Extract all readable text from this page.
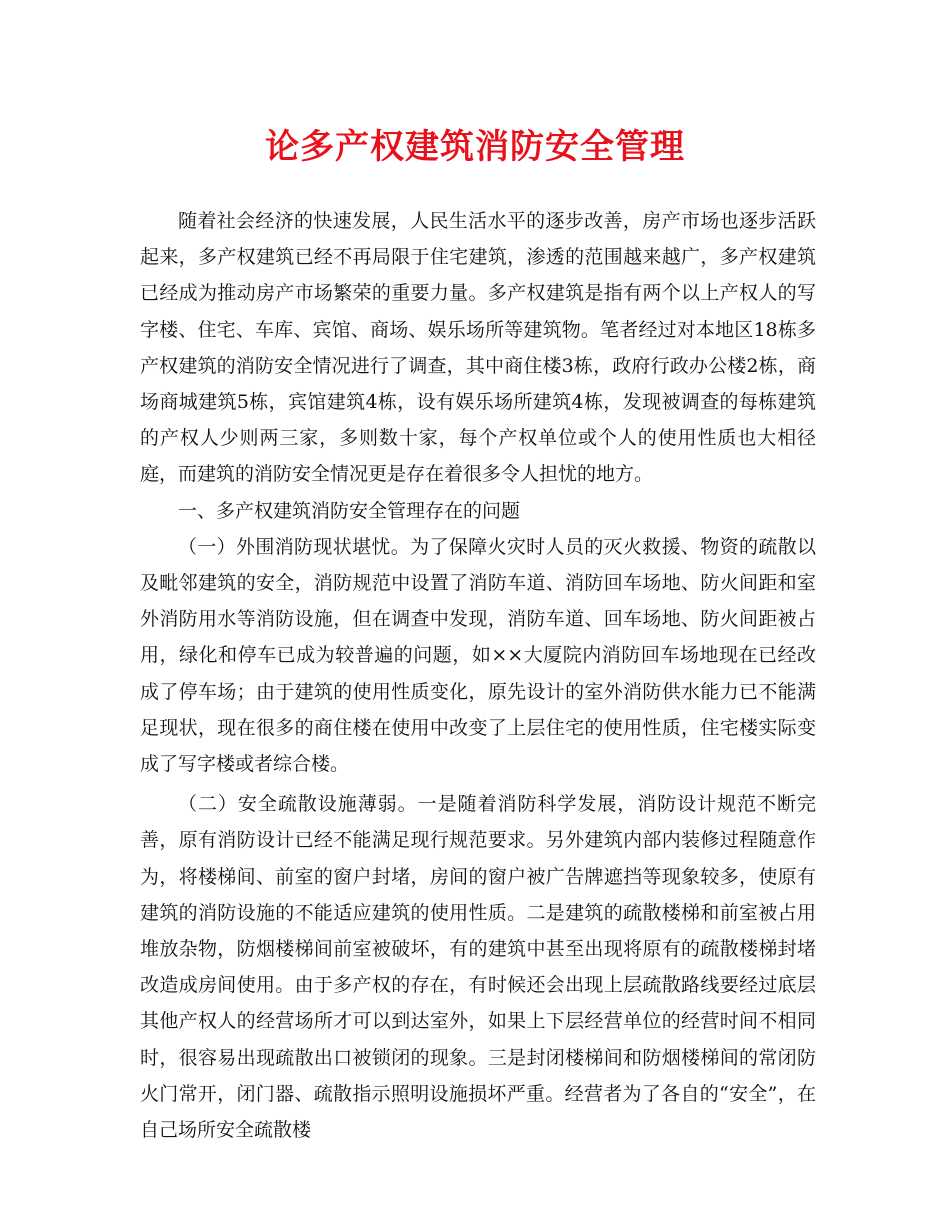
论多产权建筑消防安全管理

随着社会经济的快速发展，人民生活水平的逐步改善，房产市场也逐步活跃起来，多产权建筑已经不再局限于住宅建筑，渗透的范围越来越广，多产权建筑已经成为推动房产市场繁荣的重要力量。多产权建筑是指有两个以上产权人的写字楼、住宅、车库、宾馆、商场、娱乐场所等建筑物。笔者经过对本地区18栋多产权建筑的消防安全情况进行了调查，其中商住楼3栋，政府行政办公楼2栋，商场商城建筑5栋，宾馆建筑4栋，设有娱乐场所建筑4栋，发现被调查的每栋建筑的产权人少则两三家，多则数十家，每个产权单位或个人的使用性质也大相径庭，而建筑的消防安全情况更是存在着很多令人担忧的地方。

一、多产权建筑消防安全管理存在的问题

（一）外围消防现状堪忧。为了保障火灾时人员的灭火救援、物资的疏散以及毗邻建筑的安全，消防规范中设置了消防车道、消防回车场地、防火间距和室外消防用水等消防设施，但在调查中发现，消防车道、回车场地、防火间距被占用，绿化和停车已成为较普遍的问题，如××大厦院内消防回车场地现在已经改成了停车场；由于建筑的使用性质变化，原先设计的室外消防供水能力已不能满足现状，现在很多的商住楼在使用中改变了上层住宅的使用性质，住宅楼实际变成了写字楼或者综合楼。

（二）安全疏散设施薄弱。一是随着消防科学发展，消防设计规范不断完善，原有消防设计已经不能满足现行规范要求。另外建筑内部内装修过程随意作为，将楼梯间、前室的窗户封堵，房间的窗户被广告牌遮挡等现象较多，使原有建筑的消防设施的不能适应建筑的使用性质。二是建筑的疏散楼梯和前室被占用堆放杂物，防烟楼梯间前室被破坏，有的建筑中甚至出现将原有的疏散楼梯封堵改造成房间使用。由于多产权的存在，有时候还会出现上层疏散路线要经过底层其他产权人的经营场所才可以到达室外，如果上下层经营单位的经营时间不相同时，很容易出现疏散出口被锁闭的现象。三是封闭楼梯间和防烟楼梯间的常闭防火门常开，闭门器、疏散指示照明设施损坏严重。经营者为了各自的“安全”，在自己场所安全疏散楼
